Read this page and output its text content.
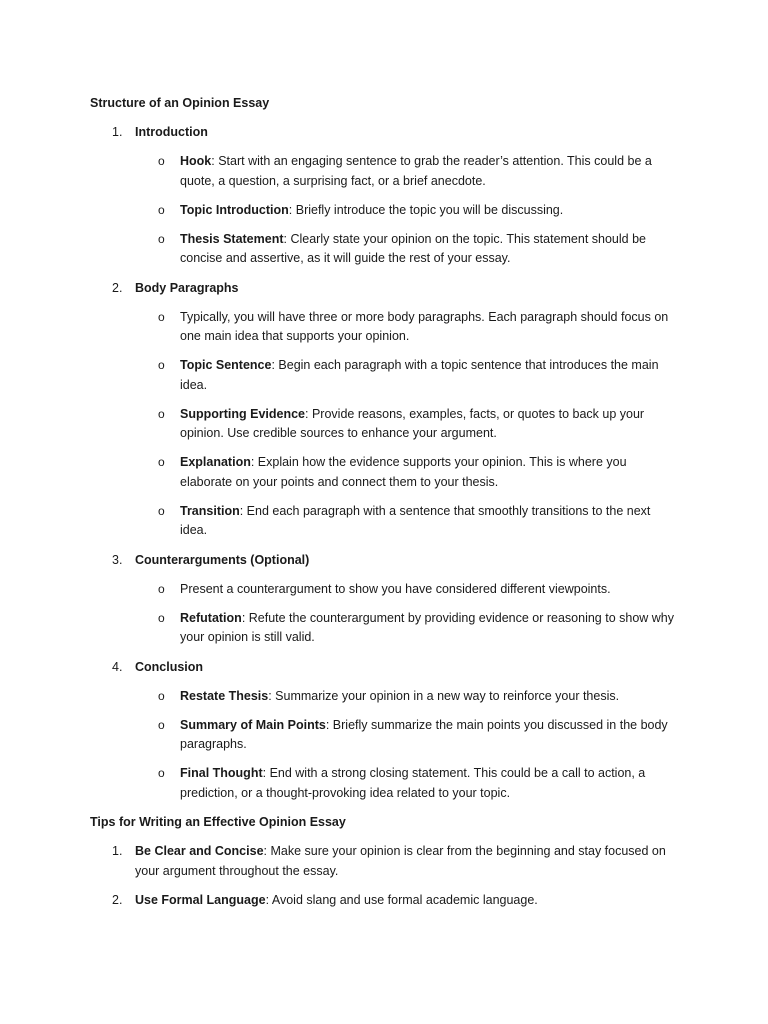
Structure of an Opinion Essay
1.	Introduction
o Hook: Start with an engaging sentence to grab the reader’s attention. This could be a quote, a question, a surprising fact, or a brief anecdote.
o Topic Introduction: Briefly introduce the topic you will be discussing.
o Thesis Statement: Clearly state your opinion on the topic. This statement should be concise and assertive, as it will guide the rest of your essay.
2.	Body Paragraphs
o Typically, you will have three or more body paragraphs. Each paragraph should focus on one main idea that supports your opinion.
o Topic Sentence: Begin each paragraph with a topic sentence that introduces the main idea.
o Supporting Evidence: Provide reasons, examples, facts, or quotes to back up your opinion. Use credible sources to enhance your argument.
o Explanation: Explain how the evidence supports your opinion. This is where you elaborate on your points and connect them to your thesis.
o Transition: End each paragraph with a sentence that smoothly transitions to the next idea.
3.	Counterarguments (Optional)
o Present a counterargument to show you have considered different viewpoints.
o Refutation: Refute the counterargument by providing evidence or reasoning to show why your opinion is still valid.
4.	Conclusion
o Restate Thesis: Summarize your opinion in a new way to reinforce your thesis.
o Summary of Main Points: Briefly summarize the main points you discussed in the body paragraphs.
o Final Thought: End with a strong closing statement. This could be a call to action, a prediction, or a thought-provoking idea related to your topic.
Tips for Writing an Effective Opinion Essay
1.	Be Clear and Concise: Make sure your opinion is clear from the beginning and stay focused on your argument throughout the essay.
2.	Use Formal Language: Avoid slang and use formal academic language.
